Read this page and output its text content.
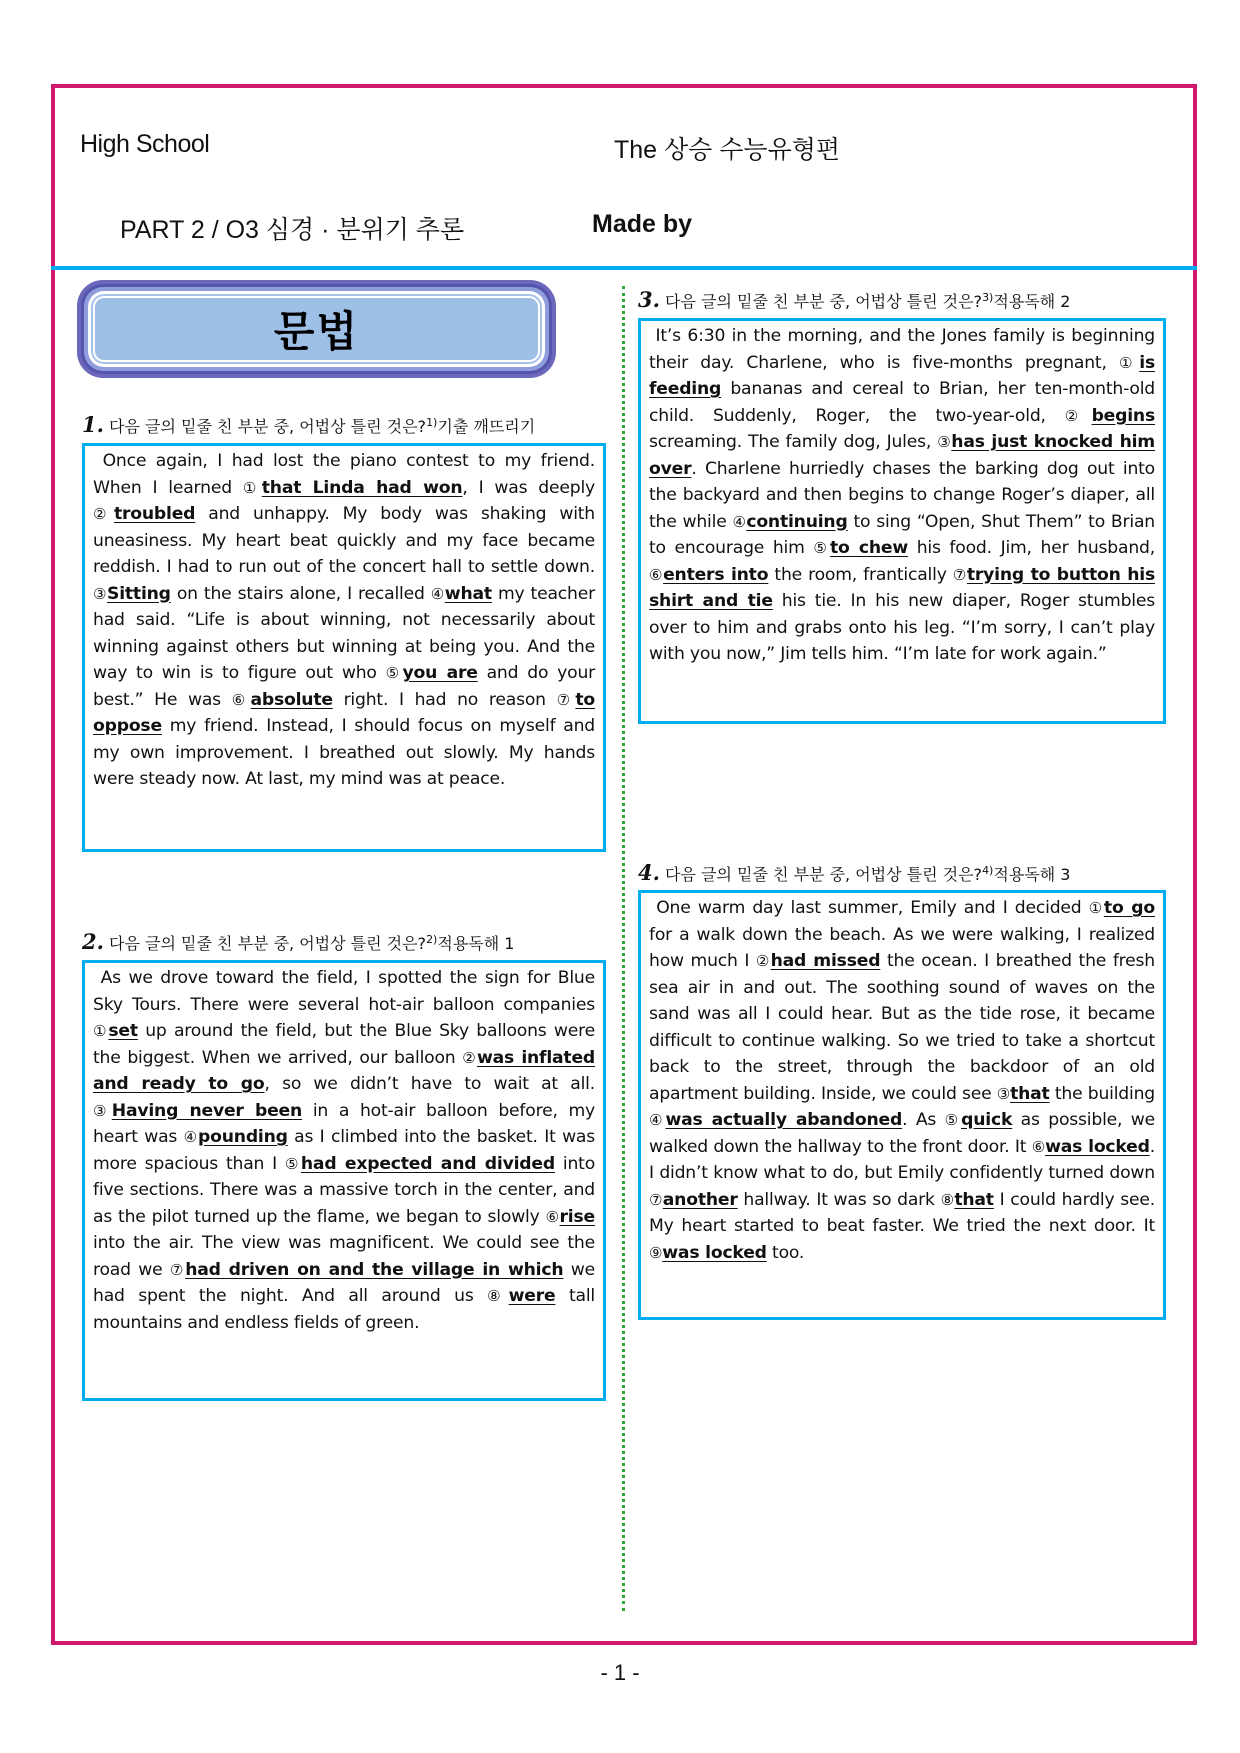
High School	The 상승 수능유형편
PART 2 / O3 심경 · 분위기 추론	Made by
문법
1. 다음 글의 밑줄 친 부분 중, 어법상 틀린 것은?$^{1)}$기출 깨뜨리기
Once again, I had lost the piano contest to my friend. When I learned ①that Linda had won, I was deeply ②troubled and unhappy. My body was shaking with uneasiness. My heart beat quickly and my face became reddish. I had to run out of the concert hall to settle down. ③Sitting on the stairs alone, I recalled ④what my teacher had said. “Life is about winning, not necessarily about winning against others but winning at being you. And the way to win is to figure out who ⑤you are and do your best.” He was ⑥absolute right. I had no reason ⑦to oppose my friend. Instead, I should focus on myself and my own improvement. I breathed out slowly. My hands were steady now. At last, my mind was at peace.
2. 다음 글의 밑줄 친 부분 중, 어법상 틀린 것은?$^{2)}$적용독해 1
As we drove toward the field, I spotted the sign for Blue Sky Tours. There were several hot-air balloon companies ①set up around the field, but the Blue Sky balloons were the biggest. When we arrived, our balloon ②was inflated and ready to go, so we didn’t have to wait at all. ③Having never been in a hot-air balloon before, my heart was ④pounding as I climbed into the basket. It was more spacious than I ⑤had expected and divided into five sections. There was a massive torch in the center, and as the pilot turned up the flame, we began to slowly ⑥rise into the air. The view was magnificent. We could see the road we ⑦had driven on and the village in which we had spent the night. And all around us ⑧were tall mountains and endless fields of green.
3. 다음 글의 밑줄 친 부분 중, 어법상 틀린 것은?$^{3)}$적용독해 2
It’s 6:30 in the morning, and the Jones family is beginning their day. Charlene, who is five-months pregnant, ①is feeding bananas and cereal to Brian, her ten-month-old child. Suddenly, Roger, the two-year-old, ②begins screaming. The family dog, Jules, ③has just knocked him over. Charlene hurriedly chases the barking dog out into the backyard and then begins to change Roger’s diaper, all the while ④continuing to sing “Open, Shut Them” to Brian to encourage him ⑤to chew his food. Jim, her husband, ⑥enters into the room, frantically ⑦trying to button his shirt and tie his tie. In his new diaper, Roger stumbles over to him and grabs onto his leg. “I’m sorry, I can’t play with you now,” Jim tells him. “I’m late for work again.”
4. 다음 글의 밑줄 친 부분 중, 어법상 틀린 것은?$^{4)}$적용독해 3
One warm day last summer, Emily and I decided ①to go for a walk down the beach. As we were walking, I realized how much I ②had missed the ocean. I breathed the fresh sea air in and out. The soothing sound of waves on the sand was all I could hear. But as the tide rose, it became difficult to continue walking. So we tried to take a shortcut back to the street, through the backdoor of an old apartment building. Inside, we could see ③that the building ④was actually abandoned. As ⑤quick as possible, we walked down the hallway to the front door. It ⑥was locked. I didn’t know what to do, but Emily confidently turned down ⑦another hallway. It was so dark ⑧that I could hardly see. My heart started to beat faster. We tried the next door. It ⑨was locked too.
- 1 -
